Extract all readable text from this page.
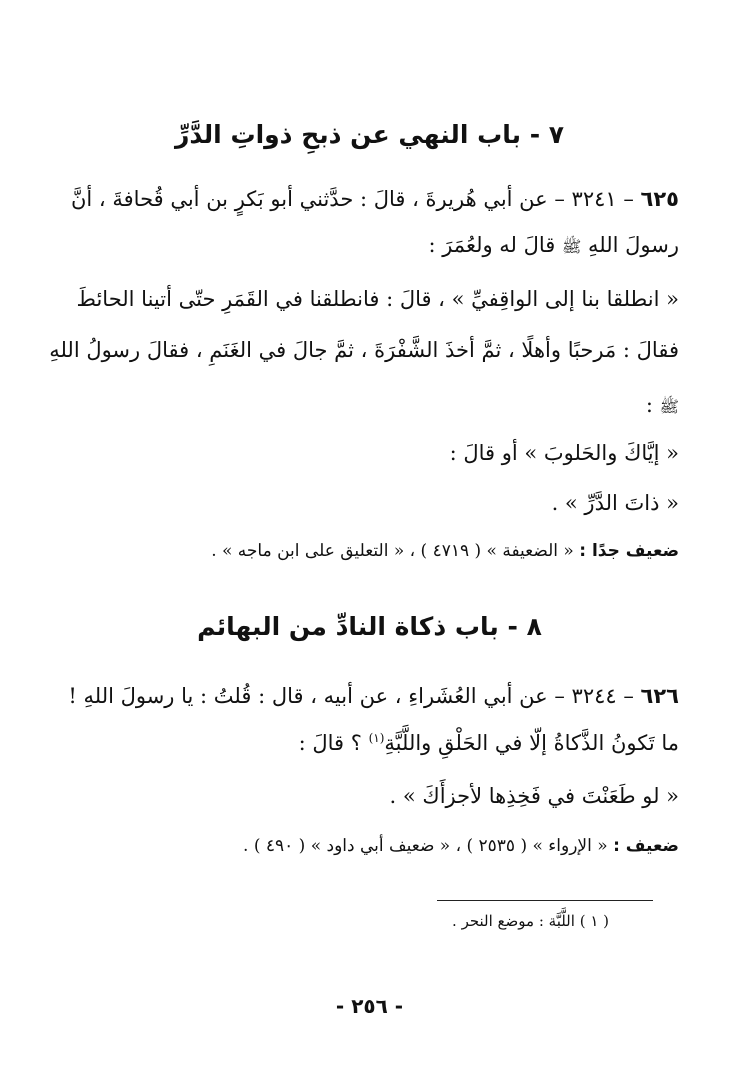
٧ - باب النهي عن ذبحِ ذواتِ الدَّرِّ
٦٢٥ – ٣٢٤١ – عن أبي هُريرةَ ، قالَ : حدَّثني أبو بَكرٍ بن أبي قُحافةَ ، أنَّ
رسولَ اللهِ ﷺ قالَ له ولعُمَرَ :
« انطلقا بنا إلى الواقِفيِّ » ، قالَ : فانطلقنا في القَمَرِ حتّى أتينا الحائطَ
فقالَ : مَرحبًا وأهلًا ، ثمَّ أخذَ الشَّفْرَةَ ، ثمَّ جالَ في الغَنَمِ ، فقالَ رسولُ اللهِ
ﷺ :
« إيَّاكَ والحَلوبَ » أو قالَ :
« ذاتَ الدَّرِّ » .
ضعيف جدًا : « الضعيفة » ( ٤٧١٩ ) ، « التعليق على ابن ماجه » .
٨ - باب ذكاة النادِّ من البهائم
٦٢٦ – ٣٢٤٤ – عن أبي العُشَراءِ ، عن أبيه ، قال : قُلتُ : يا رسولَ اللهِ !
ما تَكونُ الذَّكاةُ إلّا في الحَلْقِ واللَّبَّةِ$^{(١)}$ ؟ قالَ :
« لو طَعَنْتَ في فَخِذِها لأجزأَكَ » .
ضعيف : « الإرواء » ( ٢٥٣٥ ) ، « ضعيف أبي داود » ( ٤٩٠ ) .
( ١ ) اللَّبَّة : موضع النحر .
- ٢٥٦ -
